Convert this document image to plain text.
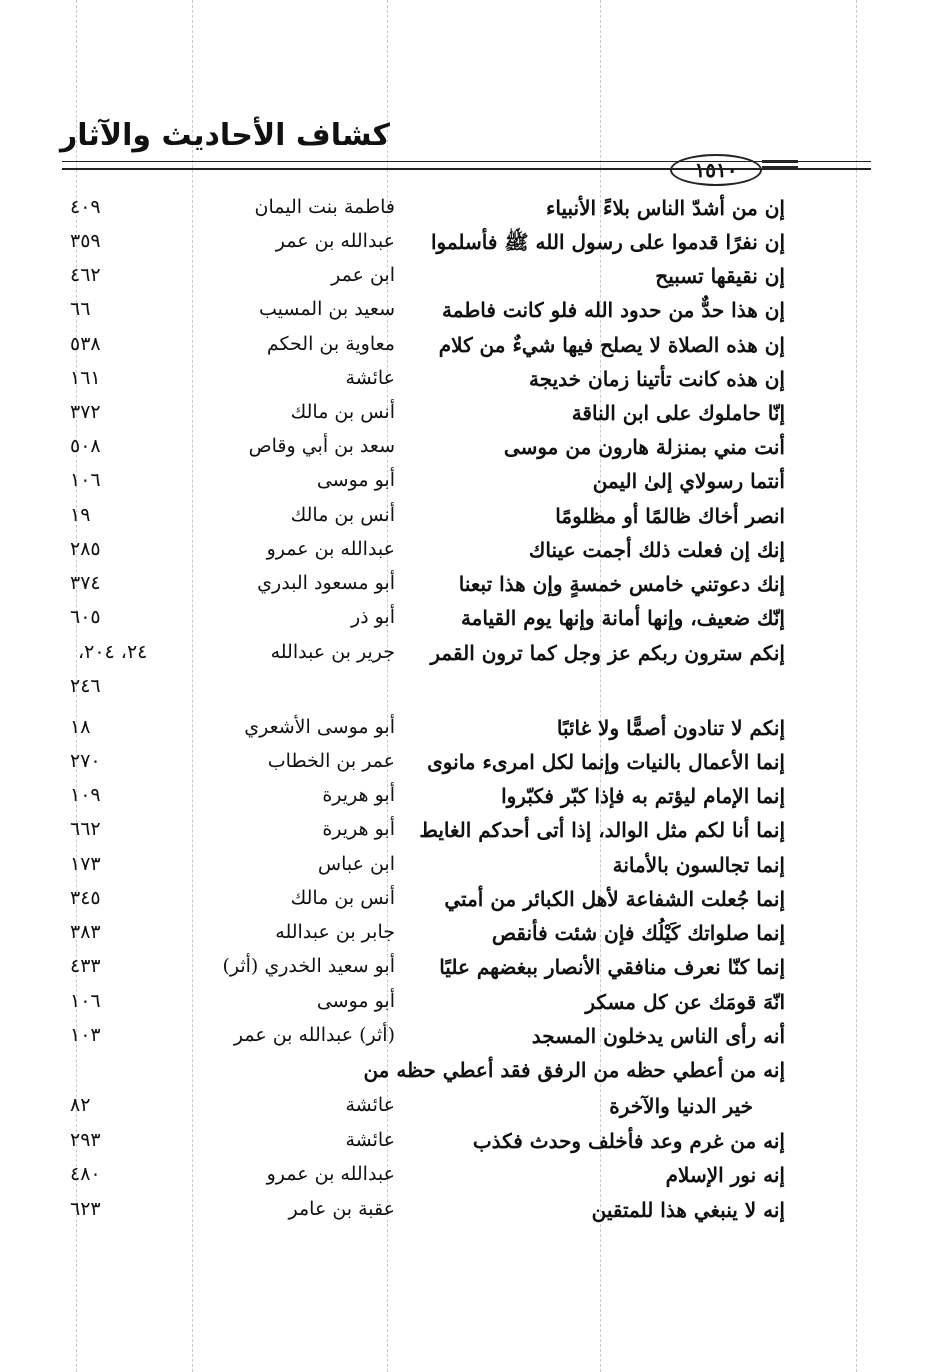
كشاف الأحاديث والآثار
١٥١٠
إن من أشدّ الناس بلاءً الأنبياء
فاطمة بنت اليمان
٤٠٩
إن نفرًا قدموا على رسول الله ﷺ فأسلموا
عبدالله بن عمر
٣٥٩
إن نقيقها تسبيح
ابن عمر
٤٦٢
إن هذا حدٌّ من حدود الله فلو كانت فاطمة
سعيد بن المسيب
٦٦
إن هذه الصلاة لا يصلح فيها شيءٌ من كلام
معاوية بن الحكم
٥٣٨
إن هذه كانت تأتينا زمان خديجة
عائشة
١٦١
إنّا حاملوك على ابن الناقة
أنس بن مالك
٣٧٢
أنت مني بمنزلة هارون من موسى
سعد بن أبي وقاص
٥٠٨
أنتما رسولاي إلىٰ اليمن
أبو موسى
١٠٦
انصر أخاك ظالمًا أو مظلومًا
أنس بن مالك
١٩
إنك إن فعلت ذلك أجمت عيناك
عبدالله بن عمرو
٢٨٥
إنك دعوتني خامس خمسةٍ وإن هذا تبعنا
أبو مسعود البدري
٣٧٤
إنّك ضعيف، وإنها أمانة وإنها يوم القيامة
أبو ذر
٦٠٥
إنكم سترون ربكم عز وجل كما ترون القمر
جرير بن عبدالله
٢٤، ٢٠٤،
٢٤٦
إنكم لا تنادون أصمًّا ولا غائبًا
أبو موسى الأشعري
١٨
إنما الأعمال بالنيات وإنما لكل امرىء مانوى
عمر بن الخطاب
٢٧٠
إنما الإمام ليؤتم به فإذا كبّر فكبّروا
أبو هريرة
١٠٩
إنما أنا لكم مثل الوالد، إذا أتى أحدكم الغايط
أبو هريرة
٦٦٢
إنما تجالسون بالأمانة
ابن عباس
١٧٣
إنما جُعلت الشفاعة لأهل الكبائر من أمتي
أنس بن مالك
٣٤٥
إنما صلواتك كَيْلُك فإن شئت فأنقص
جابر بن عبدالله
٣٨٣
إنما كنّا نعرف منافقي الأنصار ببغضهم عليًا
أبو سعيد الخدري (أثر)
٤٣٣
انّهَ قومَك عن كل مسكر
أبو موسى
١٠٦
أنه رأى الناس يدخلون المسجد
(أثر) عبدالله بن عمر
١٠٣
إنه من أعطي حظه من الرفق فقد أعطي حظه من
خير الدنيا والآخرة
عائشة
٨٢
إنه من غرم وعد فأخلف وحدث فكذب
عائشة
٢٩٣
إنه نور الإسلام
عبدالله بن عمرو
٤٨٠
إنه لا ينبغي هذا للمتقين
عقبة بن عامر
٦٢٣
